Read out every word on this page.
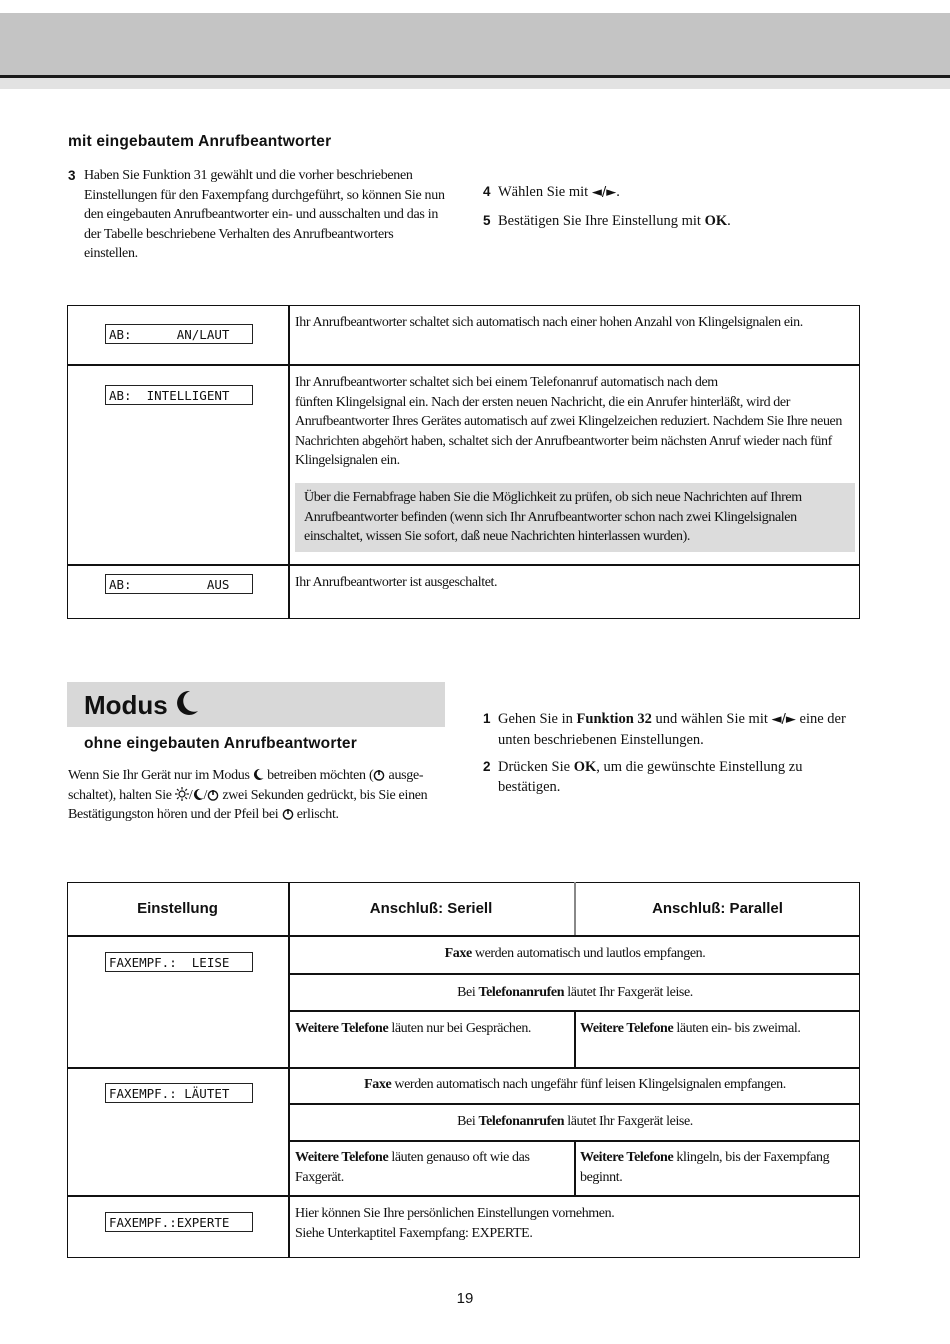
mit eingebautem Anrufbeantworter
3 Haben Sie Funktion 31 gewählt und die vorher beschriebenen
Einstellungen für den Faxempfang durchgeführt, so können Sie nun
den eingebauten Anrufbeantworter ein- und ausschalten und das in
der Tabelle beschriebene Verhalten des Anrufbeantworters
einstellen.
4 Wählen Sie mit ◄/►.
5 Bestätigen Sie Ihre Einstellung mit OK.
AB:      AN/LAUT
Ihr Anrufbeantworter schaltet sich automatisch nach einer hohen Anzahl von Klingelsignalen ein.
AB:  INTELLIGENT
Ihr Anrufbeantworter schaltet sich bei einem Telefonanruf automatisch nach dem
fünften Klingelsignal ein. Nach der ersten neuen Nachricht, die ein Anrufer hinterläßt, wird der
Anrufbeantworter Ihres Gerätes automatisch auf zwei Klingelzeichen reduziert. Nachdem Sie Ihre neuen
Nachrichten abgehört haben, schaltet sich der Anrufbeantworter beim nächsten Anruf wieder nach fünf
Klingelsignalen ein.
Über die Fernabfrage haben Sie die Möglichkeit zu prüfen, ob sich neue Nachrichten auf Ihrem
Anrufbeantworter befinden (wenn sich Ihr Anrufbeantworter schon nach zwei Klingelsignalen
einschaltet, wissen Sie sofort, daß neue Nachrichten hinterlassen wurden).
AB:          AUS	Ihr Anrufbeantworter ist ausgeschaltet.
Modus
ohne eingebauten Anrufbeantworter
Wenn Sie Ihr Gerät nur im Modus betreiben möchten ( ausge-
schaltet), halten Sie / / zwei Sekunden gedrückt, bis Sie einen
Bestätigungston hören und der Pfeil bei erlischt.
1 Gehen Sie in Funktion 32 und wählen Sie mit ◄/► eine der
unten beschriebenen Einstellungen.
2 Drücken Sie OK, um die gewünschte Einstellung zu
bestätigen.
Einstellung	Anschluß: Seriell	Anschluß: Parallel
FAXEMPF.:  LEISE
Faxe werden automatisch und lautlos empfangen.
Bei Telefonanrufen läutet Ihr Faxgerät leise.
Weitere Telefone läuten nur bei Gesprächen.	Weitere Telefone läuten ein- bis zweimal.
FAXEMPF.: LÄUTET
Faxe werden automatisch nach ungefähr fünf leisen Klingelsignalen empfangen.
Bei Telefonanrufen läutet Ihr Faxgerät leise.
Weitere Telefone läuten genauso oft wie das
Faxgerät.
Weitere Telefone klingeln, bis der Faxempfang
beginnt.
FAXEMPF.:EXPERTE
Hier können Sie Ihre persönlichen Einstellungen vornehmen.
Siehe Unterkaptitel Faxempfang: EXPERTE.
19
